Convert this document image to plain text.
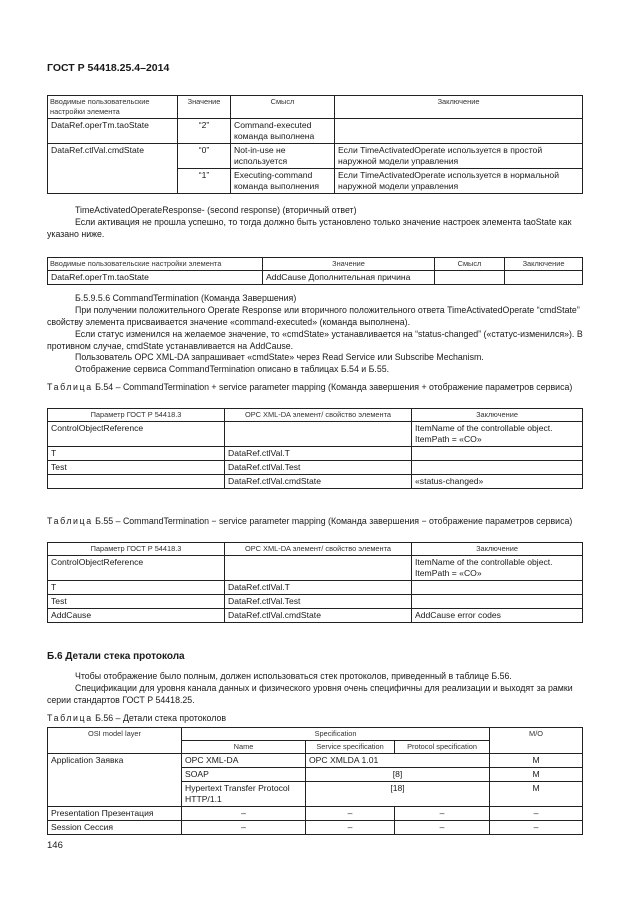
ГОСТ Р 54418.25.4–2014
Вводимые пользовательские настройки элемента	Значение	Смысл	Заключение
DataRef.operTm.taoState	“2”	Command-executed команда выполнена	
DataRef.ctlVal.cmdState	“0”	Not-in-use не используется	Если TimeActivatedOperate используется в простой наружной модели управления
	“1”	Executing-command команда выполнения	Если TimeActivatedOperate используется в нормальной наружной модели управления
TimeActivatedOperateResponse- (second response) (вторичный ответ)
Если активация не прошла успешно, то тогда должно быть установлено только значение настроек элемента taoState как указано ниже.
Вводимые пользовательские настройки элемента	Значение	Смысл	Заключение
DataRef.operTm.taoState	AddCause Дополнительная причина		
Б.5.9.5.6 CommandTermination (Команда Завершения)
При получении положительного Operate Response или вторичного положительного ответа TimeActivatedOperate “cmdState” свойству элемента присваивается значение «command-executed» (команда выполнена).
Если статус изменился на желаемое значение, то «cmdState» устанавливается на “status-changed” («статус-изменился»). В противном случае, cmdState устанавливается на AddCause.
Пользователь OPC XML-DA запрашивает «cmdState» через Read Service или Subscribe Mechanism.
Отображение сервиса CommandTermination описано в таблицах Б.54 и Б.55.
Таблица Б.54 – CommandTermination + service parameter mapping (Команда завершения + отображение параметров сервиса)
Параметр ГОСТ Р 54418.3	OPC XML-DA элемент/ свойство элемента	Заключение
ControlObjectReference		ItemName of the controllable object. ItemPath = «CO»
T	DataRef.ctlVal.T	
Test	DataRef.ctlVal.Test	
	DataRef.ctlVal.cmdState	«status-changed»
Таблица Б.55 – CommandTermination − service parameter mapping (Команда завершения − отображение параметров сервиса)
Параметр ГОСТ Р 54418.3	OPC XML-DA элемент/ свойство элемента	Заключение
ControlObjectReference		ItemName of the controllable object. ItemPath = «CO»
T	DataRef.ctlVal.T	
Test	DataRef.ctlVal.Test	
AddCause	DataRef.ctlVal.cmdState	AddCause error codes
Б.6 Детали стека протокола
Чтобы отображение было полным, должен использоваться стек протоколов, приведенный в таблице Б.56.
Спецификации для уровня канала данных и физического уровня очень специфичны для реализации и выходят за рамки серии стандартов ГОСТ Р 54418.25.
Таблица Б.56 – Детали стека протоколов
OSI model layer	Specification			M/O
	Name	Service specification	Protocol specification	
Application Заявка	OPC XML-DA	OPC XMLDA 1.01		M
	SOAP	[8]		M
	Hypertext Transfer Protocol HTTP/1.1	[18]		M
Presentation Презентация	–	–	–	–
Session Сессия	–	–	–	–
146
